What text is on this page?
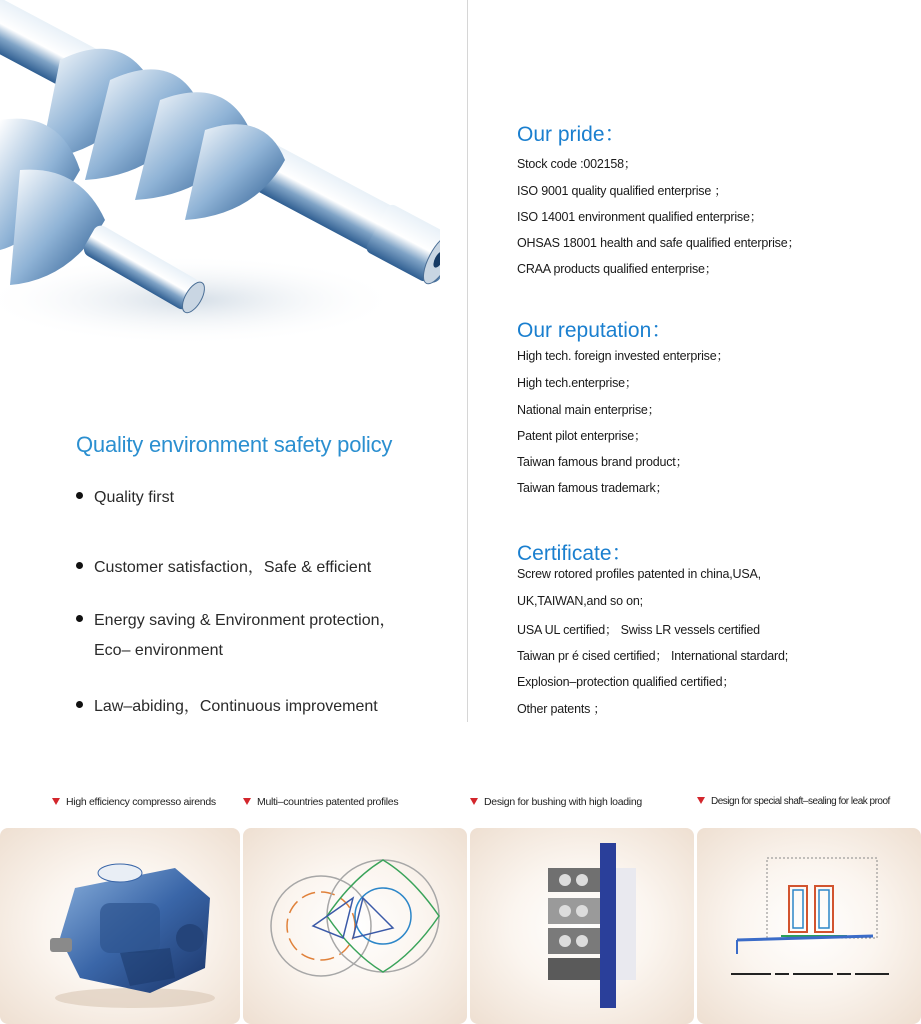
Quality environment safety policy
Quality first
Customer satisfaction，Safe & efficient
Energy saving & Environment protection，
Eco– environment
Law–abiding，Continuous improvement
Our pride：
Stock code :002158；
ISO 9001 quality qualified enterprise ；
ISO 14001 environment qualified enterprise；
OHSAS 18001 health and safe qualified enterprise；
CRAA products qualified enterprise；
Our reputation：
High tech. foreign invested enterprise；
High tech.enterprise；
National main enterprise；
Patent pilot enterprise；
Taiwan famous brand product；
Taiwan famous trademark；
Certificate：
Screw rotored profiles patented in china,USA,
UK,TAIWAN,and so on;
USA UL certified； Swiss LR vessels certified
Taiwan pr é cised certified； International stardard;
Explosion–protection qualified certified；
Other patents ；
High efficiency compresso airends	Multi–countries patented profiles	Design for bushing with high loading	Design for special shaft–sealing for leak proof
